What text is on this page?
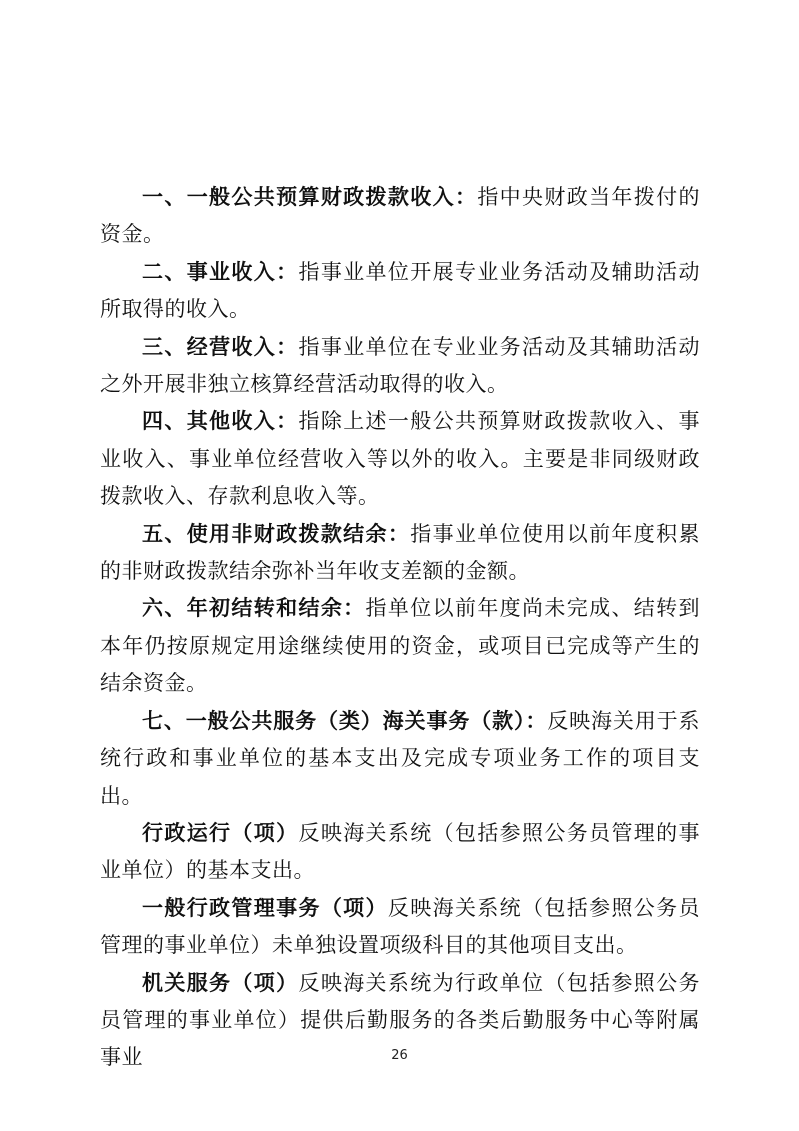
一、一般公共预算财政拨款收入：指中央财政当年拨付的资金。

二、事业收入：指事业单位开展专业业务活动及辅助活动所取得的收入。

三、经营收入：指事业单位在专业业务活动及其辅助活动之外开展非独立核算经营活动取得的收入。

四、其他收入：指除上述一般公共预算财政拨款收入、事业收入、事业单位经营收入等以外的收入。主要是非同级财政拨款收入、存款利息收入等。

五、使用非财政拨款结余：指事业单位使用以前年度积累的非财政拨款结余弥补当年收支差额的金额。

六、年初结转和结余：指单位以前年度尚未完成、结转到本年仍按原规定用途继续使用的资金，或项目已完成等产生的结余资金。

七、一般公共服务（类）海关事务（款）：反映海关用于系统行政和事业单位的基本支出及完成专项业务工作的项目支出。

行政运行（项）反映海关系统（包括参照公务员管理的事业单位）的基本支出。

一般行政管理事务（项）反映海关系统（包括参照公务员管理的事业单位）未单独设置项级科目的其他项目支出。

机关服务（项）反映海关系统为行政单位（包括参照公务员管理的事业单位）提供后勤服务的各类后勤服务中心等附属事业	26
